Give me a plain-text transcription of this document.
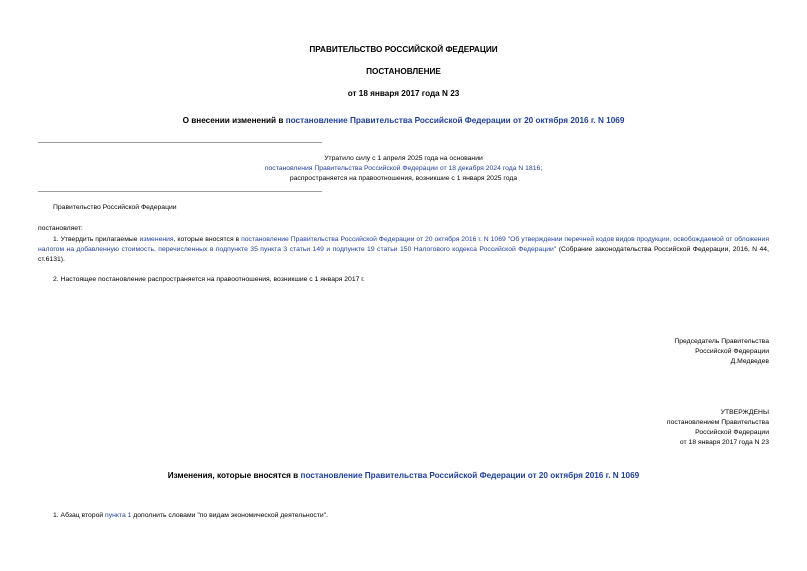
ПРАВИТЕЛЬСТВО РОССИЙСКОЙ ФЕДЕРАЦИИ
ПОСТАНОВЛЕНИЕ
от 18 января 2017 года N 23
О внесении изменений в постановление Правительства Российской Федерации от 20 октября 2016 г. N 1069

Утратило силу с 1 апреля 2025 года на основании

постановления Правительства Российской Федерации от 18 декабря 2024 года N 1816;

распространяется на правоотношения, возникшие с 1 января 2025 года

Правительство Российской Федерации
постановляет:
1. Утвердить прилагаемые изменения, которые вносятся в постановление Правительства Российской Федерации от 20 октября 2016 г. N 1069 "Об утверждении перечней кодов видов продукции, освобождаемой от обложения налогом на добавленную стоимость, перечисленных в подпункте 35 пункта 3 статьи 149 и подпункте 19 статьи 150 Налогового кодекса Российской Федерации" (Собрание законодательства Российской Федерации, 2016, N 44, ст.6131).
2. Настоящее постановление распространяется на правоотношения, возникшие с 1 января 2017 г.

Председатель Правительства

Российской Федерации

Д.Медведев

УТВЕРЖДЕНЫ

постановлением Правительства

Российской Федерации

от 18 января 2017 года N 23

Изменения, которые вносятся в постановление Правительства Российской Федерации от 20 октября 2016 г. N 1069
1. Абзац второй пункта 1 дополнить словами "по видам экономической деятельности".
